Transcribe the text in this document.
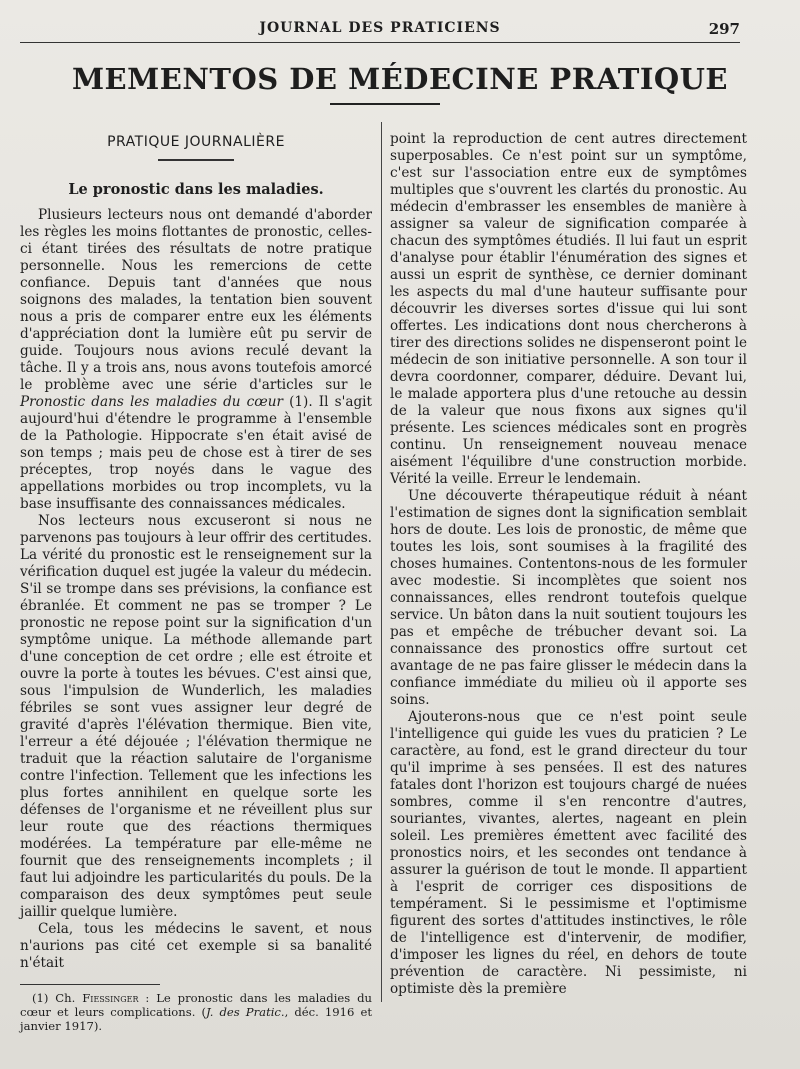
JOURNAL DES PRATICIENS	297
MEMENTOS DE MÉDECINE PRATIQUE
PRATIQUE JOURNALIÈRE
Le pronostic dans les maladies.

Plusieurs lecteurs nous ont demandé d'aborder les règles les moins flottantes de pronostic, celles-ci étant tirées des résultats de notre pratique personnelle. Nous les remercions de cette confiance. Depuis tant d'années que nous soignons des malades, la tentation bien souvent nous a pris de comparer entre eux les éléments d'appréciation dont la lumière eût pu servir de guide. Toujours nous avions reculé devant la tâche. Il y a trois ans, nous avons toutefois amorcé le problème avec une série d'articles sur le Pronostic dans les maladies du cœur (1). Il s'agit aujourd'hui d'étendre le programme à l'ensemble de la Pathologie. Hippocrate s'en était avisé de son temps ; mais peu de chose est à tirer de ses préceptes, trop noyés dans le vague des appellations morbides ou trop incomplets, vu la base insuffisante des connaissances médicales.

Nos lecteurs nous excuseront si nous ne parvenons pas toujours à leur offrir des certitudes. La vérité du pronostic est le renseignement sur la vérification duquel est jugée la valeur du médecin. S'il se trompe dans ses prévisions, la confiance est ébranlée. Et comment ne pas se tromper ? Le pronostic ne repose point sur la signification d'un symptôme unique. La méthode allemande part d'une conception de cet ordre ; elle est étroite et ouvre la porte à toutes les bévues. C'est ainsi que, sous l'impulsion de Wunderlich, les maladies fébriles se sont vues assigner leur degré de gravité d'après l'élévation thermique. Bien vite, l'erreur a été déjouée ; l'élévation thermique ne traduit que la réaction salutaire de l'organisme contre l'infection. Tellement que les infections les plus fortes annihilent en quelque sorte les défenses de l'organisme et ne réveillent plus sur leur route que des réactions thermiques modérées. La température par elle-même ne fournit que des renseignements incomplets ; il faut lui adjoindre les particularités du pouls. De la comparaison des deux symptômes peut seule jaillir quelque lumière.

Cela, tous les médecins le savent, et nous n'aurions pas cité cet exemple si sa banalité n'était

(1) Ch. Fiessinger : Le pronostic dans les maladies du cœur et leurs complications. (J. des Pratic., déc. 1916 et janvier 1917).

point la reproduction de cent autres directement superposables. Ce n'est point sur un symptôme, c'est sur l'association entre eux de symptômes multiples que s'ouvrent les clartés du pronostic. Au médecin d'embrasser les ensembles de manière à assigner sa valeur de signification comparée à chacun des symptômes étudiés. Il lui faut un esprit d'analyse pour établir l'énumération des signes et aussi un esprit de synthèse, ce dernier dominant les aspects du mal d'une hauteur suffisante pour découvrir les diverses sortes d'issue qui lui sont offertes. Les indications dont nous chercherons à tirer des directions solides ne dispenseront point le médecin de son initiative personnelle. A son tour il devra coordonner, comparer, déduire. Devant lui, le malade apportera plus d'une retouche au dessin de la valeur que nous fixons aux signes qu'il présente. Les sciences médicales sont en progrès continu. Un renseignement nouveau menace aisément l'équilibre d'une construction morbide. Vérité la veille. Erreur le lendemain.

Une découverte thérapeutique réduit à néant l'estimation de signes dont la signification semblait hors de doute. Les lois de pronostic, de même que toutes les lois, sont soumises à la fragilité des choses humaines. Contentons-nous de les formuler avec modestie. Si incomplètes que soient nos connaissances, elles rendront toutefois quelque service. Un bâton dans la nuit soutient toujours les pas et empêche de trébucher devant soi. La connaissance des pronostics offre surtout cet avantage de ne pas faire glisser le médecin dans la confiance immédiate du milieu où il apporte ses soins.

Ajouterons-nous que ce n'est point seule l'intelligence qui guide les vues du praticien ? Le caractère, au fond, est le grand directeur du tour qu'il imprime à ses pensées. Il est des natures fatales dont l'horizon est toujours chargé de nuées sombres, comme il s'en rencontre d'autres, souriantes, vivantes, alertes, nageant en plein soleil. Les premières émettent avec facilité des pronostics noirs, et les secondes ont tendance à assurer la guérison de tout le monde. Il appartient à l'esprit de corriger ces dispositions de tempérament. Si le pessimisme et l'optimisme figurent des sortes d'attitudes instinctives, le rôle de l'intelligence est d'intervenir, de modifier, d'imposer les lignes du réel, en dehors de toute prévention de caractère. Ni pessimiste, ni optimiste dès la première
